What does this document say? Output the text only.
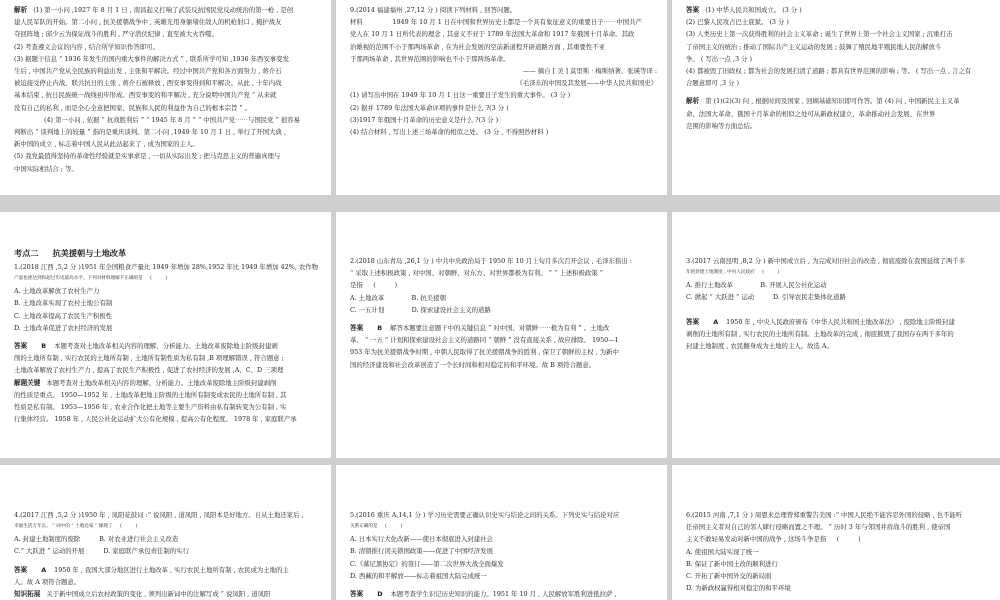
解析 (1) 第一小问 ,1927 年 8 月 1 日 , 南昌起义打响了武装反抗国民党反动统治的第一枪 , 是创
建人民军队的开始。第二小问 , 抗美援朝战争中 , 英雄光用身躯堵住敌人的机枪射口 , 掩护战友
夺回阵地 ; 邱少云为保证战斗的胜利 , 严守潜伏纪律 , 直至被大火吞噬。
(2) 考查遵义会议的内容 , 结合所学知识作答即可。
(3) 据题干信息 “ 1936 年发生的国内重大事件的解决方式 ” , 联系所学可知 ,1936 年西安事变发
生后 , 中国共产党从全民族的利益出发 , 主张和平解决。经过中国共产党和各方面努力 , 蒋介石
被迫接受停止内战、联共抗日的主张 , 蒋介石被释放 , 西安事变得到和平解决。从此 , 十年内战
基本结束 , 抗日民族统一战线初步形成。西安事变的和平解决 , 充分说明中国共产党 “ 从来就
没有自己的私利 , 而是全心全意把国家、民族和人民的利益作为自己的根本宗旨 ” 。
(4) 第一小问 , 依据 “ 抗战胜利后 ” “ 1945 年 8 月 ” “ 中国共产党⋯⋯与国民党 ” 很容易
判断出 “ 谈判地上的较量 ” 指的是重庆谈判。第二小问 ,1949 年 10 月 1 日 , 举行了开国大典 ,
新中国的成立 , 标志着中国人民从此站起来了 , 成为国家的主人。
(5) 我党最值得坚持的革命性经验就是实事求是 , 一切从实际出发 ; 把马克思主义的普遍真理与
中国实际相结合 ; 等。
9.(2014 福建福州 ,27,12 分 ) 阅读下列材料 , 回答问题。
材料 　　　　 1949 年 10 月 1 日在中国和世界历史上都是一个具有象征意义的重要日子⋯⋯中国共产
党人在 10 月 1 日所代表的理念 , 其意义不亚于 1789 年法国大革命和 1917 年俄国十月革命。其政
治雄视的范围不小于那两场革命 , 在为社会发展的空前新道程开辟道路方面 , 其重要性不亚
于那两场革命 , 其世界范围的影响也不小于那两场革命。
—— 摘自 [ 美 ] 莫里斯 · 梅斯纳著、张瑛等译 :
《毛泽东的中国及其发展——中华人民共和国史》
(1) 请写出中国在 1949 年 10 月 1 日这一重要日子发生的重大事件。 (3 分 )
(2) 据并 1789 年法国大革命评项的事件是什么 ?(3 分 )
(3)1917 年俄国十月革命的历史意义是什么 ?(3 分 )
(4) 结合材料 , 写出上述三场革命的相似之处。 (3 分 , 不得照抄材料 )
答案 (1) 中华人民共和国成立。 (3 分 )
(2) 巴黎人民攻占巴士底狱。 (3 分 )
(3) 人类历史上第一次获得胜利的社会主义革命 ; 诞生了世界上第一个社会主义国家 ; 沉重打击
了帝国主义的统治 ; 推动了国际共产主义运动的发展 ; 鼓舞了殖民地半殖民地人民的解放斗
争。 ( 写出一点 ,3 分 )
(4) 都被毁了旧政权 ; 都为社会的发展扫清了道路 ; 都具有世界范围的影响 ; 等。 ( 写出一点 , 言之有
合题意即可 ,3 分 )
解析 第 (1)(2)(3) 问 , 根据时间及国家 , 回顾基础知识即可作答。第 (4) 问 , 中国新民主主义革
命、法国大革命、俄国十月革命的相似之处可从新政权建立、革命推动社会发展、在世界
范围的影响等方面总结。
考点二 　 抗美援朝与土地改革
1.(2018 江西 ,5,2 分 )1951 年全国粮食产量比 1949 年增加 28%,1952 年比 1949 年增加 42%, 农作物
产量也逐达到和超过历史最高水平。下列对材料理解不正确的是 　 ( 　 　 )
A. 土地改革解放了农村生产力
B. 土地改革实现了农村土地公有制
C. 土地改革提高了农民生产积极性
D. 土地改革促进了农村经济的发展
答案 B 本题考查对土地改革相关内容的理解、分析能力。土地改革废除地主阶级封建剥
削的土地所有制 , 实行农民的土地所有制 , 土地所有制性质为私有制 ,B 项理解错误 , 符合题意 ;
土地改革解放了农村生产力 , 提高了农民生产积极性 , 促进了农村经济的发展 ,A、C、D 三项理
解题关键 本题考查对土地改革相关内容的理解、分析能力。土地改革废除地主阶级封建剥削
的性质是重点。 1950—1952 年 , 土地改革把地主阶级的土地所有制变成农民的土地所有制 , 其
性质是私有制。 1953—1956 年 , 农业合作化把土地等主要生产资料由私有制转变为公有制 , 实
行集体经营。 1958 年 , 人民公社化运动扩大公有化规模 , 提高公有化程度。 1978 年 , 家庭联产承
2.(2018 山东青岛 ,26,1 分 ) 中共中央政治局于 1950 年 10 月上旬月多次召开会议 , 毛泽东指出 :
“ 采取上述积极政策 , 对中国、对朝鲜、对东方、对世界都极为有利。 ” “ 上述积极政策 ”
是指 　 ( 　 　 )
A. 土地改革 　 　 　 B. 抗美援朝
C. 一五计划 　 　 　 D. 探索建设社会主义的道路
答案 B 解答本题要注意题干中的关键信息 “ 对中国、对朝鲜⋯⋯极为有利 ” 。土地改
革、 “ 一五 ” 计划和探索建设社会主义的道路同 “ 朝鲜 ” 没有直接关系 , 故应排除。 1950—1
953 年为抗美援朝战争时期 , 中朝人民取得了抗美援朝战争的胜利 , 保卫了朝鲜的主权 , 为新中
国的经济建设和社会改革创造了一个长时间和相对稳定的和平环境。故 B 项符合题意。
3.(2017 云南昆明 ,8,2 分 ) 新中国成立后 , 为完成对旧社会的改造 , 彻底废除在我国延续了两千多
年的封建土地制度 , 中央人民政府 　 ( 　 　 )
A. 推行土地改革 　 　 　 B. 开展人民公社化运动
C. 掀起 “ 大跃进 ” 运动 　 　 D. 引导农民走集体化道路
答案 A 1950 年 , 中央人民政府颁布《中华人民共和国土地改革法》 , 废除地主阶级封建
剥削的土地所有制 , 实行农民的土地所有制。土地改革的完成 , 彻底摧毁了我国存在两千多年的
封建土地制度 , 农民翻身成为土地的主人。故选 A。
4.(2017 江西 ,5,2 分 )1950 年 , 凤阳花鼓词 :“ 说凤阳 , 道凤阳 , 凤阳本是好地方。自从土地还家后 ,
幸福生活万年长。 ” 词中的 “ 土地还家 ” 缘现了 　 ( 　 　 )
A. 封建土地制度的废除 　 　 B. 对农业进行社会主义改造
C.“ 大跃进 ” 运动的开展 　 　 D. 家庭联产承包责任制的实行
答案 A 1950 年 , 我国大部分地区进行土地改革 , 实行农民土地所有制 , 农民成为土地的主
人。故 A 项符合题意。
知识拓展 关于新中国成立后农村政策的变化 , 须列出新词中的注解写成 “ 说凤阳 , 道凤阳
5.(2016 重庆 A,14,1 分 ) 学习历史需要正确认识史实与结论之间的关系。下列史实与结论对应
关系正确的是 　 ( 　 　 )
A. 日本实行大化改新——使日本彻底进入封建社会
B. 清朝推行闭关锁国政策——促进了中国经济发展
C.《慕尼黑协定》的签订——第二次世界大战全面爆发
D. 西藏的和平解放——标志着祖国大陆完成统一
答案 D 本题考查学生识记历史知识的能力。1951 年 10 月 , 人民解放军胜利进抵拉萨 ,
6.(2015 河南 ,7,1 分 ) 周恩来总理曾郑重警告美国 :“ 中国人民绝不能容忍外国的侵略 , 也不能听
任帝国主义者对自己的邻人肆行侵略而置之不理。 ” 历时 3 年与邻国并肩战斗的胜利 , 使帝国
主义不敢轻易发动对新中国的战争 , 这场斗争是指 　 ( 　 　 )
A. 使祖国大陆实现了统一
B. 保证了新中国土改的顺利进行
C. 开拓了新中国外交的新局面
D. 为新政权赢得相对稳定的和平环境
